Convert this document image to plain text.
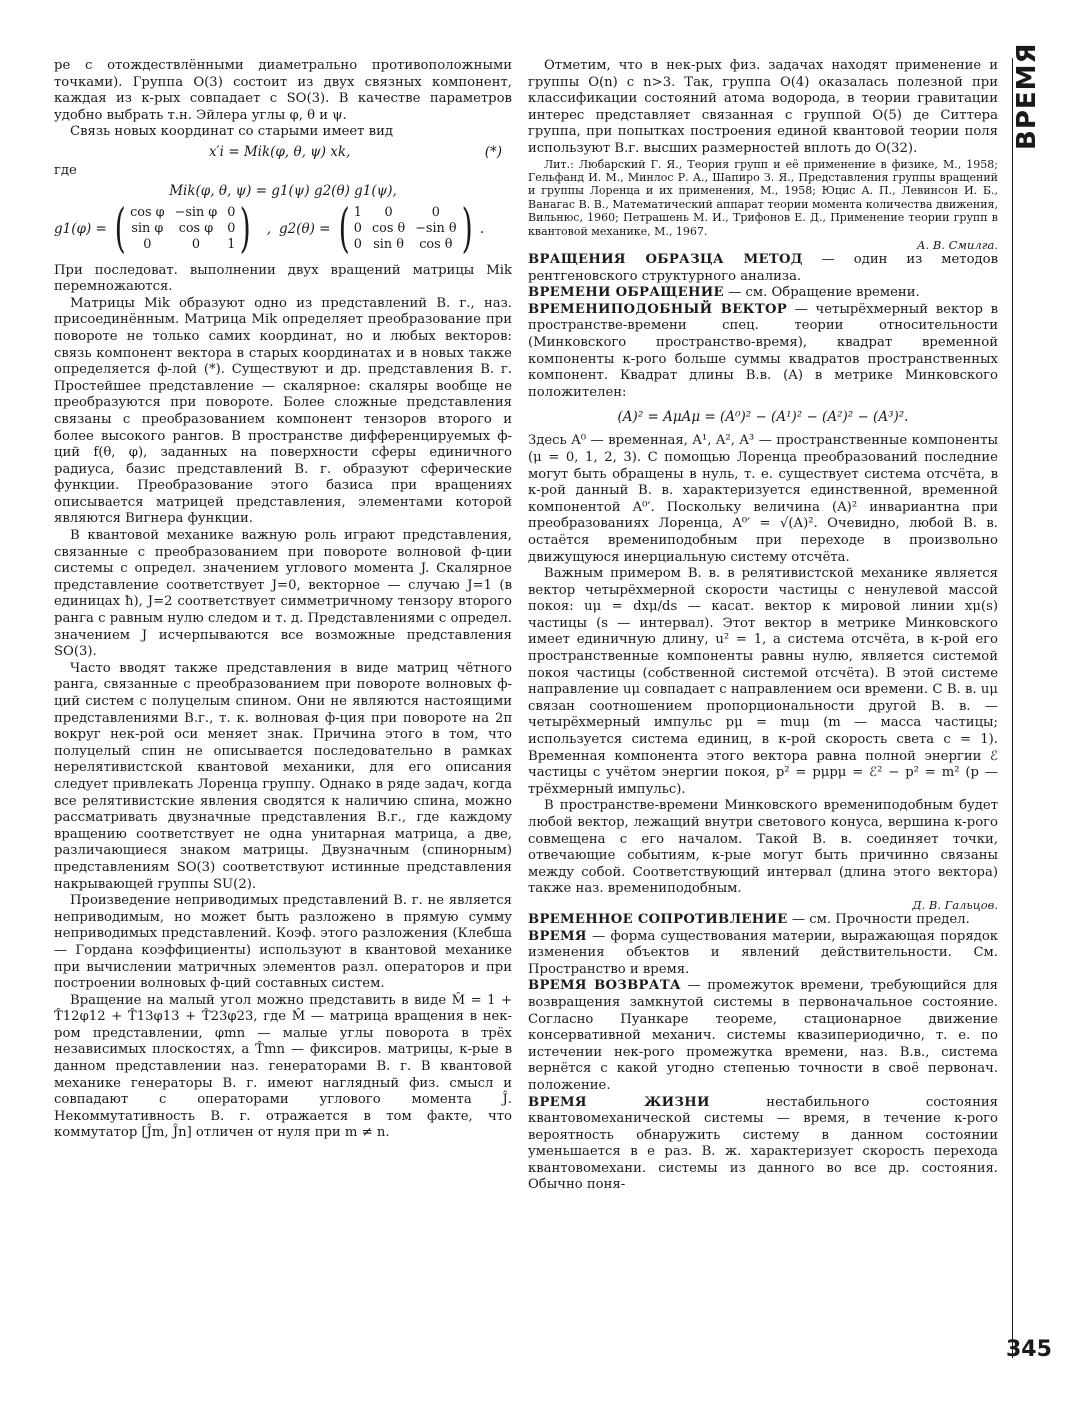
ре с отождествлёнными диаметрально противоположными точками). Группа O(3) состоит из двух связных компонент, каждая из к-рых совпадает с SO(3). В качестве параметров удобно выбрать т.н. Эйлера углы φ, θ и ψ.

Связь новых координат со старыми имеет вид

x′i = Mik(φ, θ, ψ) xk,	(*)

где

Mik(φ, θ, ψ) = g1(ψ) g2(θ) g1(ψ),
g1(φ) = ( cos φ −sin φ 0
sin φ	cos φ	0
0	0	1 ) , g2(θ) = ( 1	0	0
0 cos θ −sin θ
0 sin θ	cos θ ) .

При последоват. выполнении двух вращений матрицы Mik перемножаются.

Матрицы Mik образуют одно из представлений В. г., наз. присоединённым. Матрица Mik определяет преобразование при повороте не только самих координат, но и любых векторов: связь компонент вектора в старых координатах и в новых также определяется ф-лой (*). Существуют и др. представления В. г. Простейшее представление — скалярное: скаляры вообще не преобразуются при повороте. Более сложные представления связаны с преобразованием компонент тензоров второго и более высокого рангов. В пространстве дифференцируемых ф-ций f(θ, φ), заданных на поверхности сферы единичного радиуса, базис представлений В. г. образуют сферические функции. Преобразование этого базиса при вращениях описывается матрицей представления, элементами которой являются Вигнера функции.

В квантовой механике важную роль играют представления, связанные с преобразованием при повороте волновой ф-ции системы с определ. значением углового момента J. Скалярное представление соответствует J=0, векторное — случаю J=1 (в единицах ħ), J=2 соответствует симметричному тензору второго ранга с равным нулю следом и т. д. Представлениями с определ. значением J исчерпываются все возможные представления SO(3).

Часто вводят также представления в виде матриц чётного ранга, связанные с преобразованием при повороте волновых ф-ций систем с полуцелым спином. Они не являются настоящими представлениями В.г., т. к. волновая ф-ция при повороте на 2π вокруг нек-рой оси меняет знак. Причина этого в том, что полуцелый спин не описывается последовательно в рамках нерелятивистской квантовой механики, для его описания следует привлекать Лоренца группу. Однако в ряде задач, когда все релятивистские явления сводятся к наличию спина, можно рассматривать двузначные представления В.г., где каждому вращению соответствует не одна унитарная матрица, а две, различающиеся знаком матрицы. Двузначным (спинорным) представлениям SO(3) соответствуют истинные представления накрывающей группы SU(2).

Произведение неприводимых представлений В. г. не является неприводимым, но может быть разложено в прямую сумму неприводимых представлений. Коэф. этого разложения (Клебша — Гордана коэффициенты) используют в квантовой механике при вычислении матричных элементов разл. операторов и при построении волновых ф-ций составных систем.

Вращение на малый угол можно представить в виде M̂ = 1 + T̂12φ12 + T̂13φ13 + T̂23φ23, где M̂ — матрица вращения в нек-ром представлении, φmn — малые углы поворота в трёх независимых плоскостях, а T̂mn — фиксиров. матрицы, к-рые в данном представлении наз. генераторами В. г. В квантовой механике генераторы В. г. имеют наглядный физ. смысл и совпадают с операторами углового момента Ĵ. Некоммутативность В. г. отражается в том факте, что коммутатор [Ĵm, Ĵn] отличен от нуля при m ≠ n.

Отметим, что в нек-рых физ. задачах находят применение и группы O(n) с n>3. Так, группа O(4) оказалась полезной при классификации состояний атома водорода, в теории гравитации интерес представляет связанная с группой O(5) де Ситтера группа, при попытках построения единой квантовой теории поля используют В.г. высших размерностей вплоть до O(32).

Лит.: Любарский Г. Я., Теория групп и её применение в физике, М., 1958; Гельфанд И. М., Минлос Р. А., Шапиро З. Я., Представления группы вращений и группы Лоренца и их применения, М., 1958; Юцис А. П., Левинсон И. Б., Ванагас В. В., Математический аппарат теории момента количества движения, Вильнюс, 1960; Петрашень М. И., Трифонов Е. Д., Применение теории групп в квантовой механике, М., 1967.

А. В. Смилга.

ВРАЩЕНИЯ ОБРАЗЦА МЕТОД — один из методов рентгеновского структурного анализа.

ВРЕМЕНИ ОБРАЩЕНИЕ — см. Обращение времени.

ВРЕМЕНИПОДОБНЫЙ ВЕКТОР — четырёхмерный вектор в пространстве-времени спец. теории относительности (Минковского пространство-время), квадрат временной компоненты к-рого больше суммы квадратов пространственных компонент. Квадрат длины В.в. (A) в метрике Минковского положителен:

(A)² = AμAμ = (A⁰)² − (A¹)² − (A²)² − (A³)².

Здесь A⁰ — временная, A¹, A², A³ — пространственные компоненты (μ = 0, 1, 2, 3). С помощью Лоренца преобразований последние могут быть обращены в нуль, т. е. существует система отсчёта, в к-рой данный В. в. характеризуется единственной, временной компонентой A⁰′. Поскольку величина (A)² инвариантна при преобразованиях Лоренца, A⁰′ = √(A)². Очевидно, любой В. в. остаётся времениподобным при переходе в произвольно движущуюся инерциальную систему отсчёта.

Важным примером В. в. в релятивистской механике является вектор четырёхмерной скорости частицы с ненулевой массой покоя: uμ = dxμ/ds — касат. вектор к мировой линии xμ(s) частицы (s — интервал). Этот вектор в метрике Минковского имеет единичную длину, u² = 1, а система отсчёта, в к-рой его пространственные компоненты равны нулю, является системой покоя частицы (собственной системой отсчёта). В этой системе направление uμ совпадает с направлением оси времени. С В. в. uμ связан соотношением пропорциональности другой В. в. — четырёхмерный импульс pμ = muμ (m — масса частицы; используется система единиц, в к-рой скорость света c = 1). Временная компонента этого вектора равна полной энергии ℰ частицы с учётом энергии покоя, p² = pμpμ = ℰ² − p² = m² (p — трёхмерный импульс).

В пространстве-времени Минковского времениподобным будет любой вектор, лежащий внутри светового конуса, вершина к-рого совмещена с его началом. Такой В. в. соединяет точки, отвечающие событиям, к-рые могут быть причинно связаны между собой. Соответствующий интервал (длина этого вектора) также наз. времениподобным.

Д. В. Гальцов.

ВРЕМЕННОЕ СОПРОТИВЛЕНИЕ — см. Прочности предел.

ВРЕМЯ — форма существования материи, выражающая порядок изменения объектов и явлений действительности. См. Пространство и время.

ВРЕМЯ ВОЗВРАТА — промежуток времени, требующийся для возвращения замкнутой системы в первоначальное состояние. Согласно Пуанкаре теореме, стационарное движение консервативной механич. системы квазипериодично, т. е. по истечении нек-рого промежутка времени, наз. В.в., система вернётся с какой угодно степенью точности в своё первонач. положение.

ВРЕМЯ ЖИЗНИ нестабильного состояния квантовомеханической системы — время, в течение к-рого вероятность обнаружить систему в данном состоянии уменьшается в e раз. В. ж. характеризует скорость перехода квантовомехани. системы из данного во все др. состояния. Обычно поня-

ВРЕМЯ
345
